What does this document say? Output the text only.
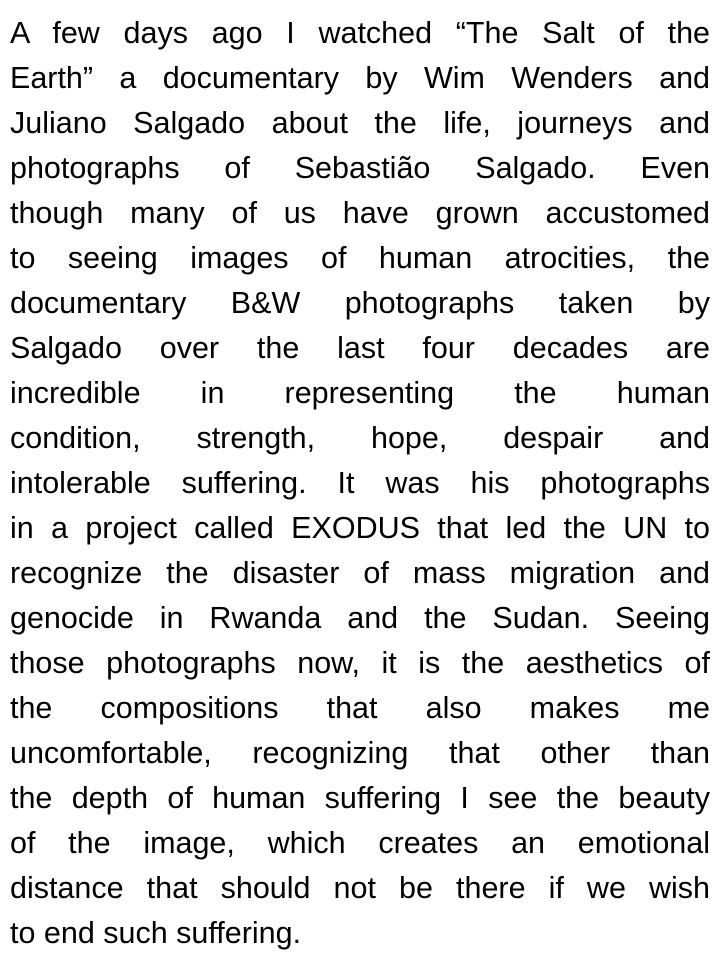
A few days ago I watched “The Salt of the
Earth” a documentary by Wim Wenders and
Juliano Salgado about the life, journeys and
photographs of Sebastião Salgado. Even
though many of us have grown accustomed
to seeing images of human atrocities, the
documentary B&W photographs taken by
Salgado over the last four decades are
incredible in representing the human
condition, strength, hope, despair and
intolerable suffering. It was his photographs
in a project called EXODUS that led the UN to
recognize the disaster of mass migration and
genocide in Rwanda and the Sudan. Seeing
those photographs now, it is the aesthetics of
the compositions that also makes me
uncomfortable, recognizing that other than
the depth of human suffering I see the beauty
of the image, which creates an emotional
distance that should not be there if we wish
to end such suffering.
